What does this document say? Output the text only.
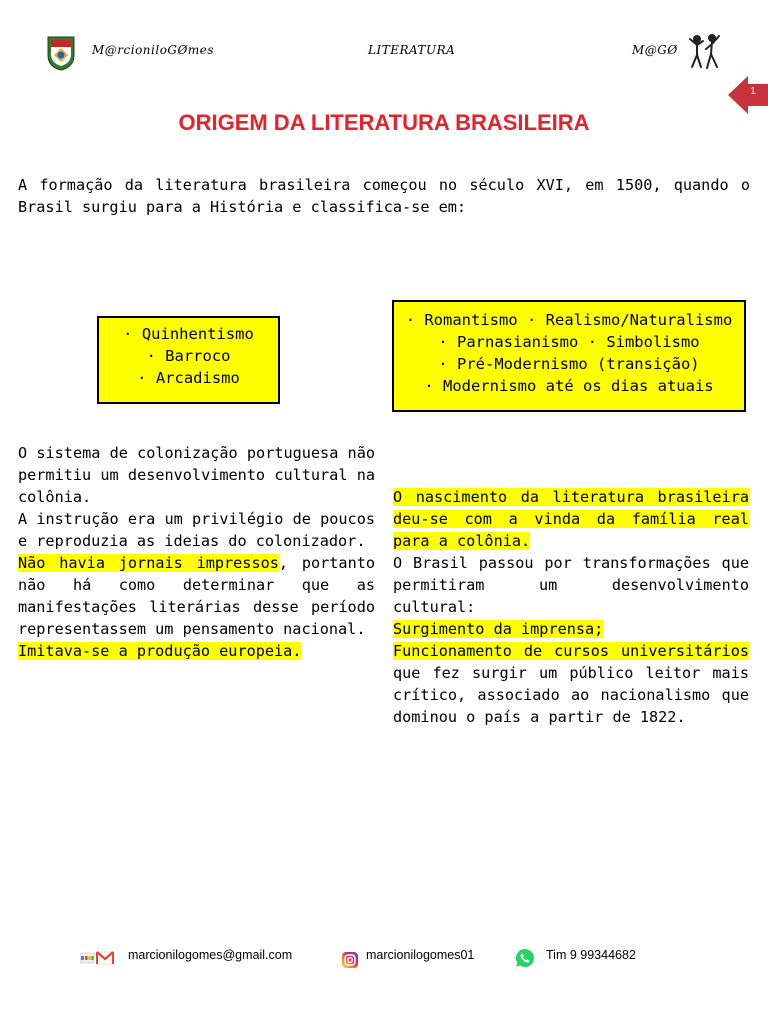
M@rcioniloGØmes	LITERATURA	M@GØ
1
ORIGEM DA LITERATURA BRASILEIRA
A formação da literatura brasileira começou no século XVI, em 1500, quando o Brasil surgiu para a História e classifica-se em:
· Quinhentismo
· Barroco
· Arcadismo
· Romantismo · Realismo/Naturalismo
· Parnasianismo · Simbolismo
· Pré-Modernismo (transição)
· Modernismo até os dias atuais

O sistema de colonização portuguesa não permitiu um desenvolvimento cultural na colônia.

A instrução era um privilégio de poucos e reproduzia as ideias do colonizador.

Não havia jornais impressos, portanto não há como determinar que as manifestações literárias desse período representassem um pensamento nacional.

Imitava-se a produção europeia.

O nascimento da literatura brasileira deu-se com a vinda da família real para a colônia.

O Brasil passou por transformações que permitiram um desenvolvimento cultural:

Surgimento da imprensa;

Funcionamento de cursos universitários

que fez surgir um público leitor mais crítico, associado ao nacionalismo que dominou o país a partir de 1822.

marcionilogomes@gmail.com	marcionilogomes01	Tim 9 99344682
